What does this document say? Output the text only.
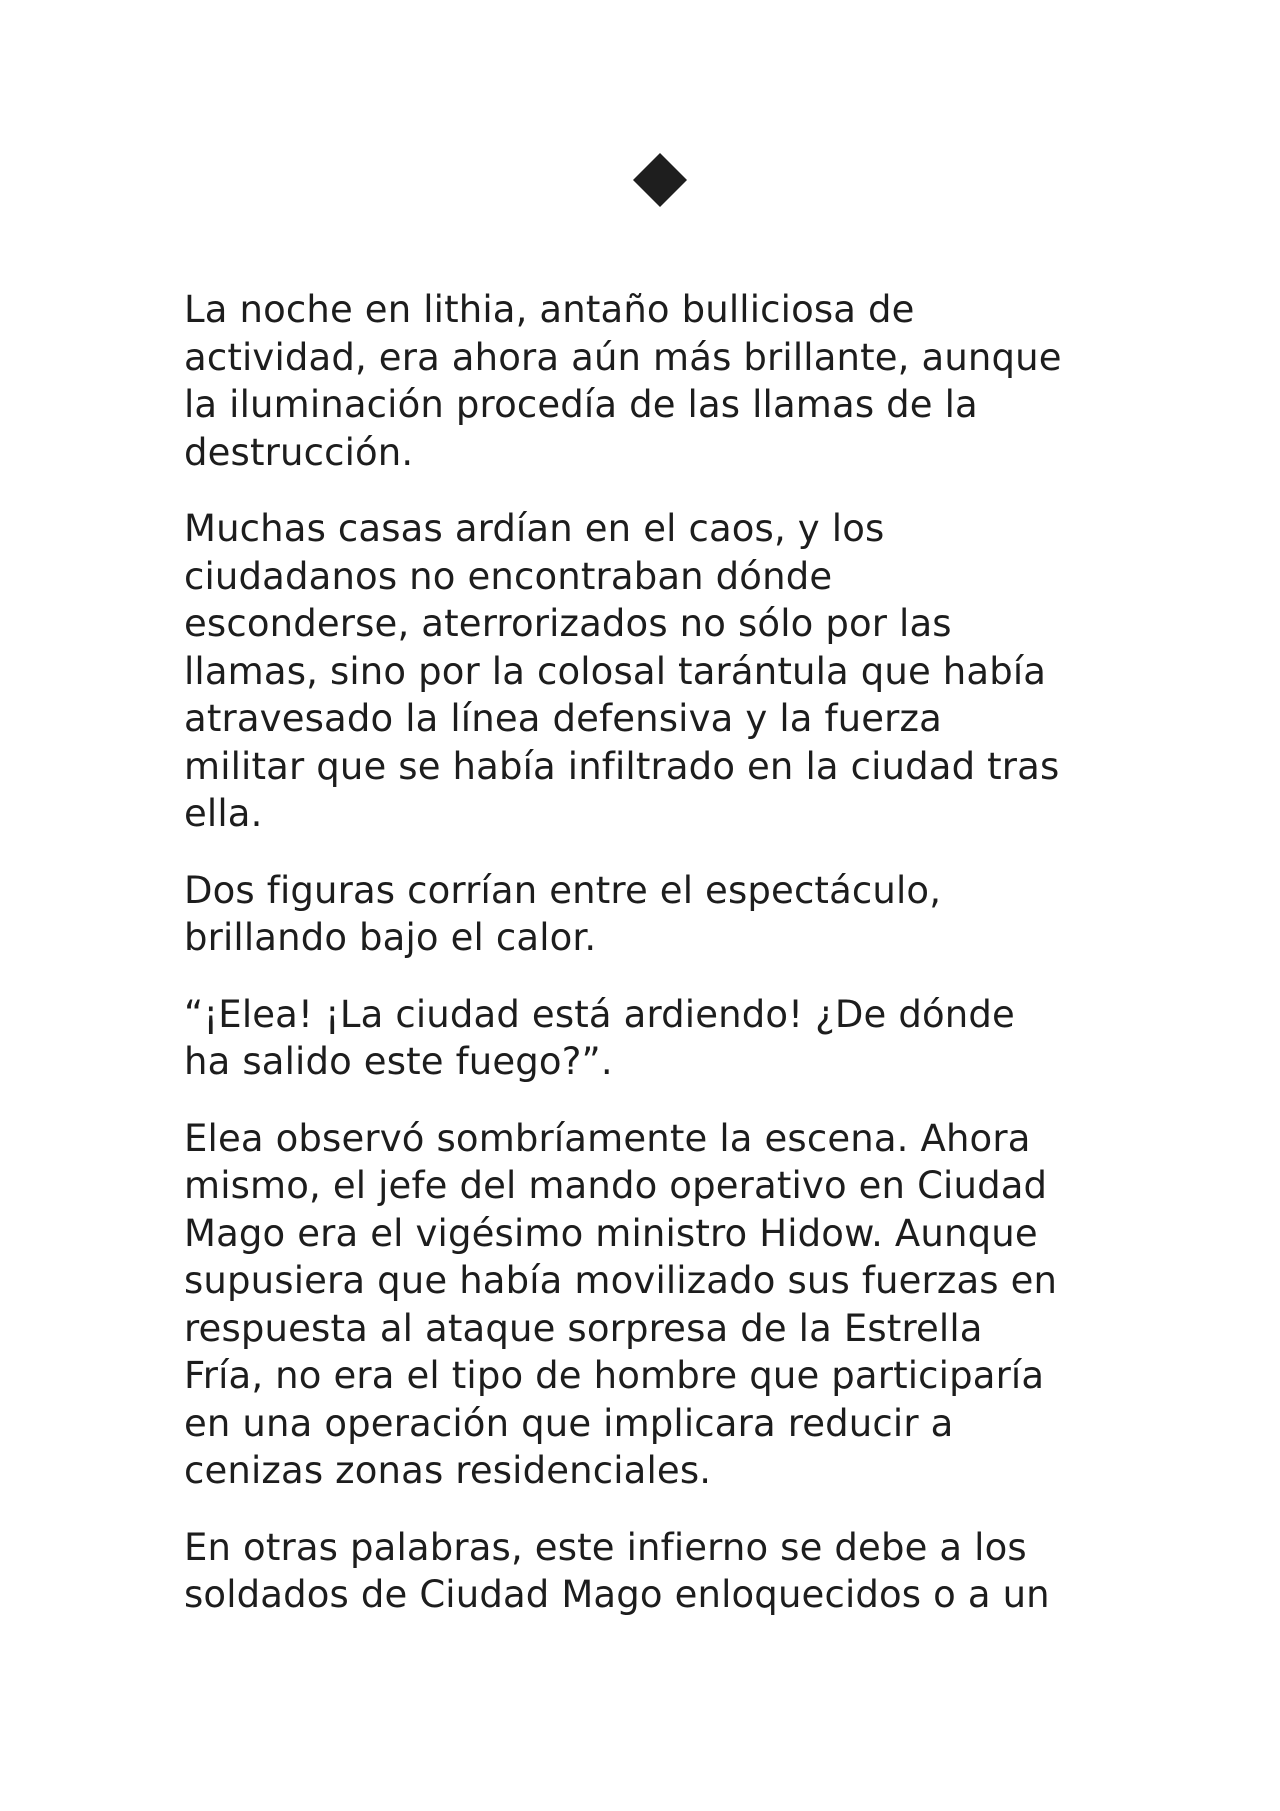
La noche en lithia, antaño bulliciosa de
actividad, era ahora aún más brillante, aunque
la iluminación procedía de las llamas de la
destrucción.

Muchas casas ardían en el caos, y los
ciudadanos no encontraban dónde
esconderse, aterrorizados no sólo por las
llamas, sino por la colosal tarántula que había
atravesado la línea defensiva y la fuerza
militar que se había infiltrado en la ciudad tras
ella.

Dos figuras corrían entre el espectáculo,
brillando bajo el calor.

“¡Elea! ¡La ciudad está ardiendo! ¿De dónde
ha salido este fuego?”.

Elea observó sombríamente la escena. Ahora
mismo, el jefe del mando operativo en Ciudad
Mago era el vigésimo ministro Hidow. Aunque
supusiera que había movilizado sus fuerzas en
respuesta al ataque sorpresa de la Estrella
Fría, no era el tipo de hombre que participaría
en una operación que implicara reducir a
cenizas zonas residenciales.

En otras palabras, este infierno se debe a los
soldados de Ciudad Mago enloquecidos o a un
